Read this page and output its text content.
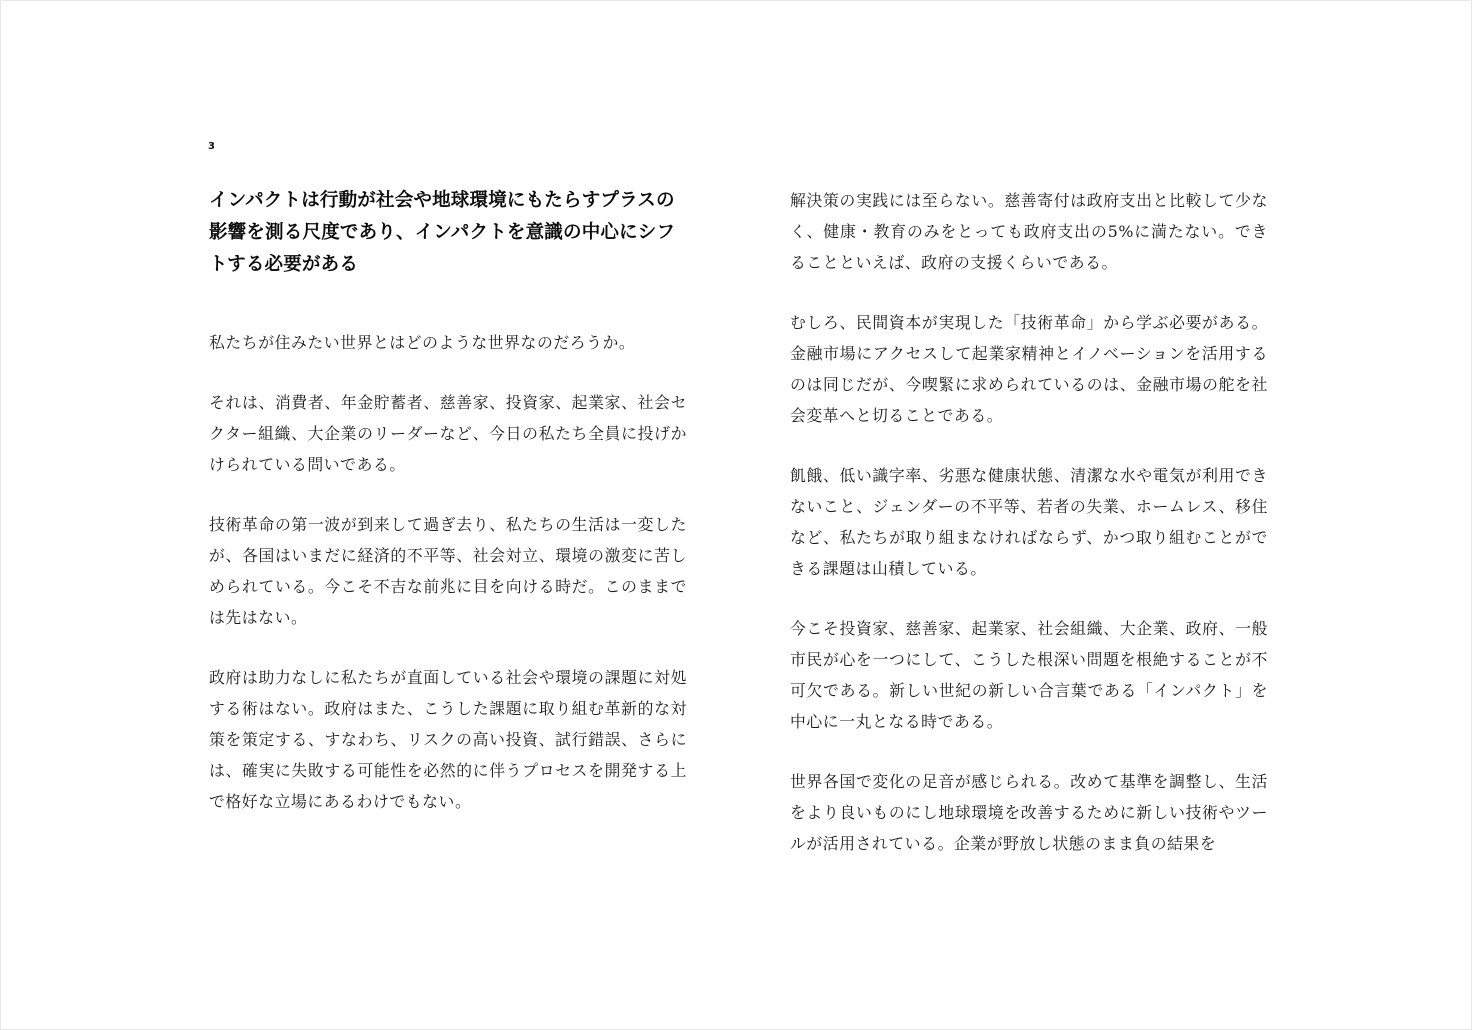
3
インパクトは行動が社会や地球環境にもたらすプラスの影響を測る尺度であり、インパクトを意識の中心にシフトする必要がある

私たちが住みたい世界とはどのような世界なのだろうか。

それは、消費者、年金貯蓄者、慈善家、投資家、起業家、社会セクター組織、大企業のリーダーなど、今日の私たち全員に投げかけられている問いである。

技術革命の第一波が到来して過ぎ去り、私たちの生活は一変したが、各国はいまだに経済的不平等、社会対立、環境の激変に苦しめられている。今こそ不吉な前兆に目を向ける時だ。このままでは先はない。

政府は助力なしに私たちが直面している社会や環境の課題に対処する術はない。政府はまた、こうした課題に取り組む革新的な対策を策定する、すなわち、リスクの高い投資、試行錯誤、さらには、確実に失敗する可能性を必然的に伴うプロセスを開発する上で格好な立場にあるわけでもない。

解決策の実践には至らない。慈善寄付は政府支出と比較して少なく、健康・教育のみをとっても政府支出の5%に満たない。できることといえば、政府の支援くらいである。

むしろ、民間資本が実現した「技術革命」から学ぶ必要がある。金融市場にアクセスして起業家精神とイノベーションを活用するのは同じだが、今喫緊に求められているのは、金融市場の舵を社会変革へと切ることである。

飢餓、低い識字率、劣悪な健康状態、清潔な水や電気が利用できないこと、ジェンダーの不平等、若者の失業、ホームレス、移住など、私たちが取り組まなければならず、かつ取り組むことができる課題は山積している。

今こそ投資家、慈善家、起業家、社会組織、大企業、政府、一般市民が心を一つにして、こうした根深い問題を根絶することが不可欠である。新しい世紀の新しい合言葉である「インパクト」を中心に一丸となる時である。

世界各国で変化の足音が感じられる。改めて基準を調整し、生活をより良いものにし地球環境を改善するために新しい技術やツールが活用されている。企業が野放し状態のまま負の結果を
